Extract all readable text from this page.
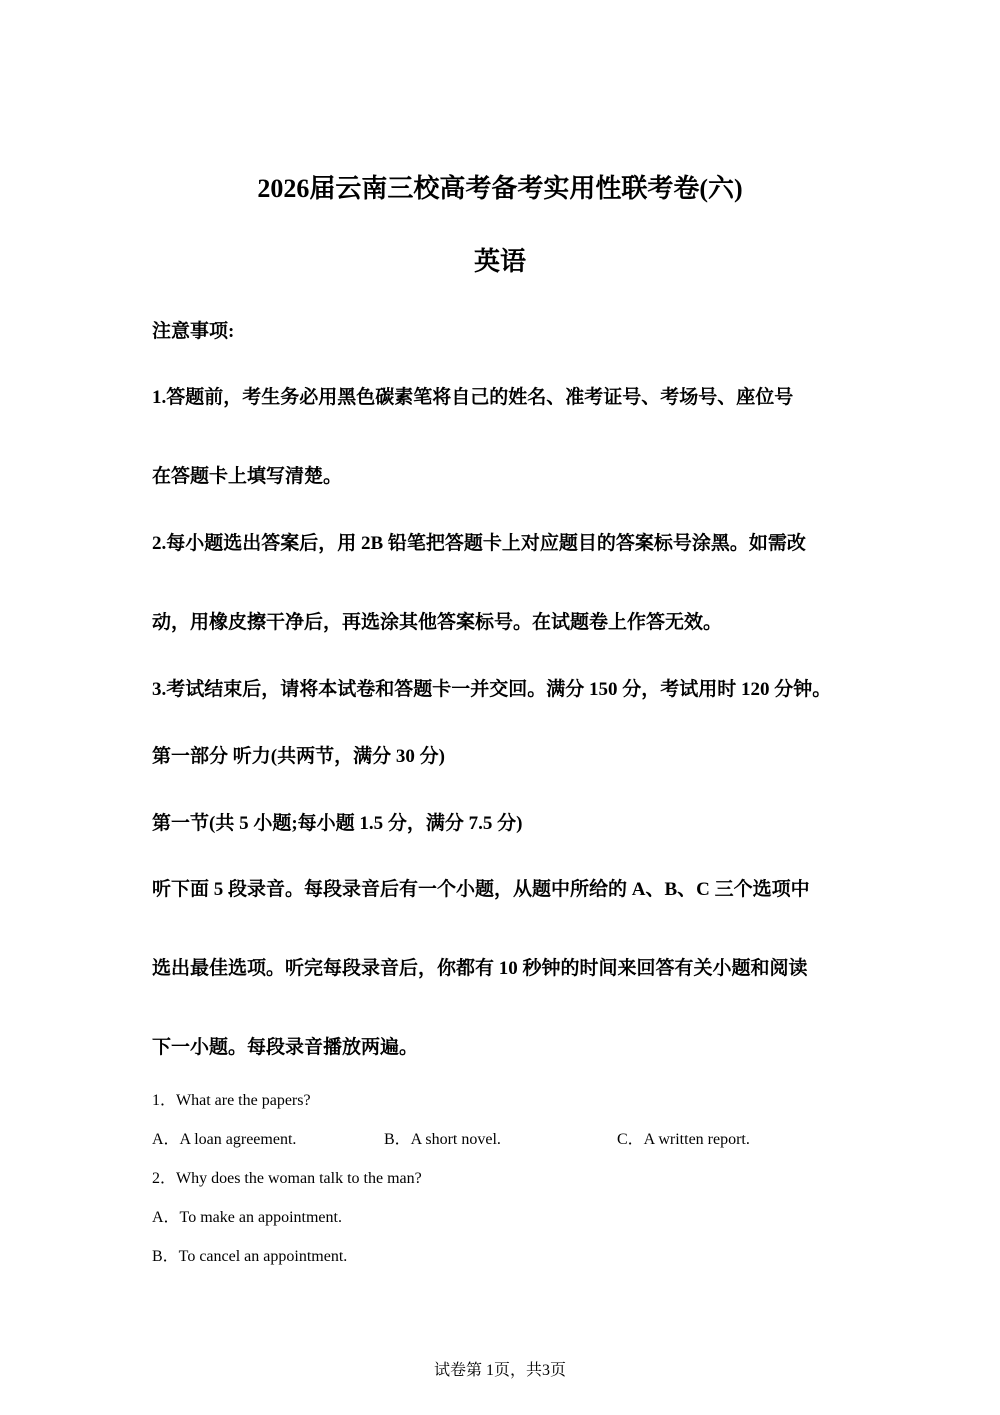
2026届云南三校高考备考实用性联考卷(六)
英语
注意事项:
1.答题前，考生务必用黑色碳素笔将自己的姓名、准考证号、考场号、座位号
在答题卡上填写清楚。
2.每小题选出答案后，用 2B 铅笔把答题卡上对应题目的答案标号涂黑。如需改
动，用橡皮擦干净后，再选涂其他答案标号。在试题卷上作答无效。
3.考试结束后，请将本试卷和答题卡一并交回。满分 150 分，考试用时 120 分钟。
第一部分 听力(共两节，满分 30 分)
第一节(共 5 小题;每小题 1.5 分，满分 7.5 分)
听下面 5 段录音。每段录音后有一个小题，从题中所给的 A、B、C 三个选项中
选出最佳选项。听完每段录音后，你都有 10 秒钟的时间来回答有关小题和阅读
下一小题。每段录音播放两遍。
1．What are the papers?
A．A loan agreement.	B．A short novel.	C．A written report.
2．Why does the woman talk to the man?
A．To make an appointment.
B．To cancel an appointment.
试卷第 1页，共3页
